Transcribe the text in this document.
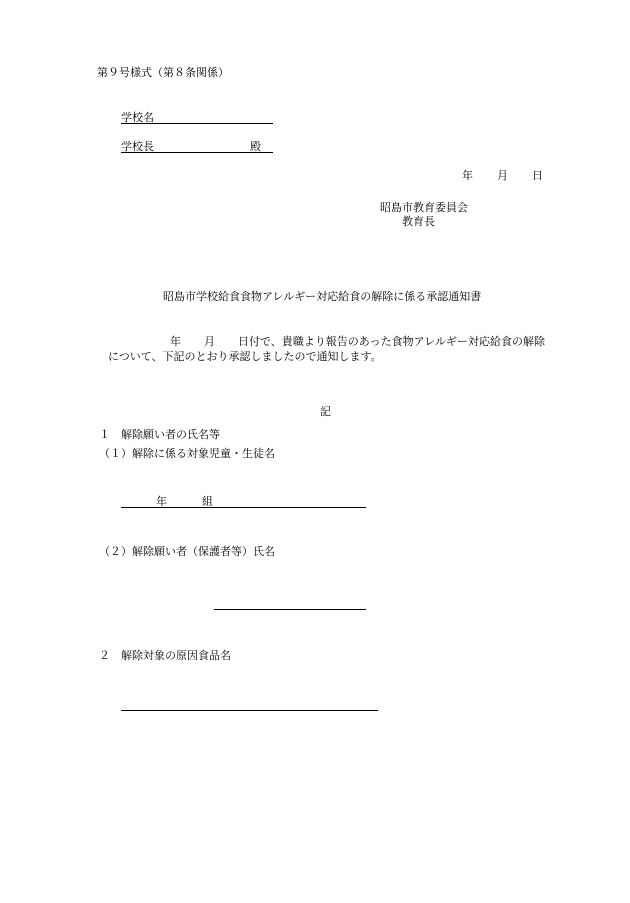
第９号様式（第８条関係）
学校名
学校長	殿
年 月 日
昭島市教育委員会
教育長
昭島市学校給食食物アレルギー対応給食の解除に係る承認通知書
年 月 日付で、貴職より報告のあった食物アレルギー対応給食の解除
について、下記のとおり承認しましたので通知します。
記
１　解除願い者の氏名等
（１）解除に係る対象児童・生徒名
年	組
（２）解除願い者（保護者等）氏名
２　解除対象の原因食品名
